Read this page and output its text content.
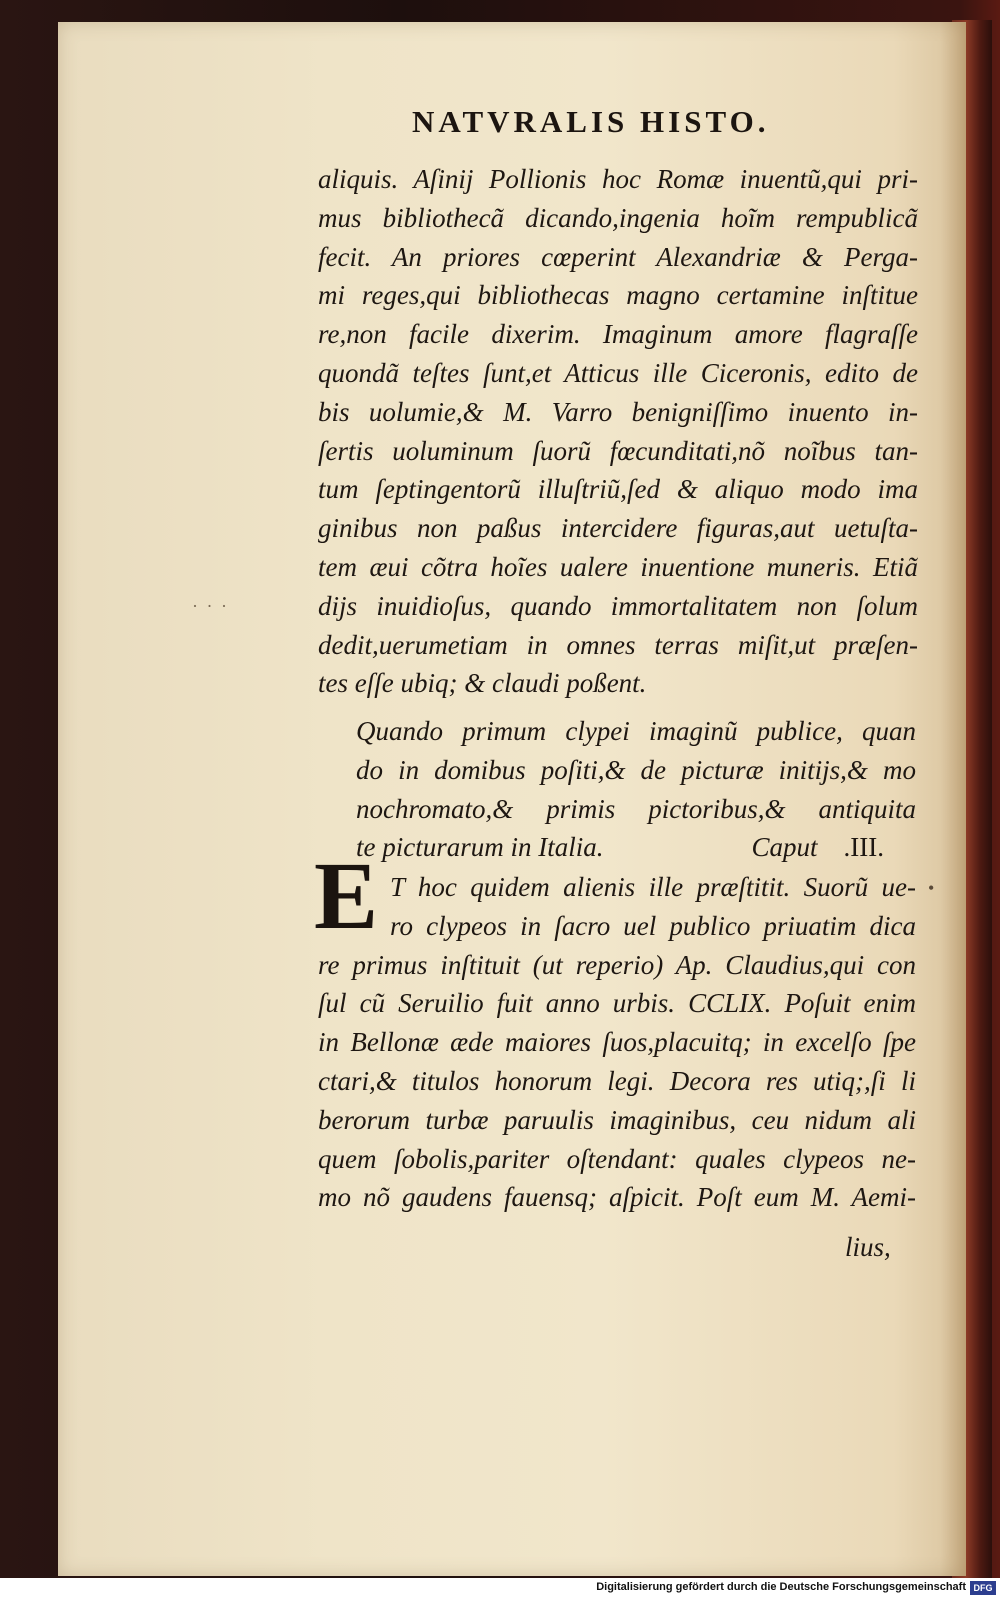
NATVRALIS HISTO.
aliquis. Aſinij Pollionis hoc Romæ inuentũ,qui pri-
mus bibliothecã dicando,ingenia hoĩm rempublicã
fecit. An priores cœperint Alexandriæ & Perga-
mi reges,qui bibliothecas magno certamine inſtitue
re,non facile dixerim. Imaginum amore flagraſſe
quondã teſtes ſunt,et Atticus ille Ciceronis, edito de
bis uolumie,& M. Varro benigniſſimo inuento in-
ſertis uoluminum ſuorũ fœcunditati,nõ noĩbus tan-
tum ſeptingentorũ illuſtriũ,ſed & aliquo modo ima
ginibus non paßus intercidere figuras,aut uetuſta-
tem æui cõtra hoĩes ualere inuentione muneris. Etiã
dijs inuidioſus, quando immortalitatem non ſolum
dedit,uerumetiam in omnes terras miſit,ut præſen-
tes eſſe ubiq; & claudi poßent.
· · ·
Quando primum clypei imaginũ publice, quan
do in domibus poſiti,& de picturæ initijs,& mo
nochromato,& primis pictoribus,& antiquita
te picturarum in Italia.	Caput .III.
E T hoc quidem alienis ille præſtitit. Suorũ ue-
ro clypeos in ſacro uel publico priuatim dica
re primus inſtituit (ut reperio) Ap. Claudius,qui con
ſul cũ Seruilio fuit anno urbis. CCLIX. Poſuit enim
in Bellonæ æde maiores ſuos,placuitq; in excelſo ſpe
ctari,& titulos honorum legi. Decora res utiq;,ſi li
berorum turbæ paruulis imaginibus, ceu nidum ali
quem ſobolis,pariter oſtendant: quales clypeos ne-
mo nõ gaudens fauensq; aſpicit. Poſt eum M. Aemi-
•
lius,
Digitalisierung gefördert durch die Deutsche Forschungsgemeinschaft DFG
